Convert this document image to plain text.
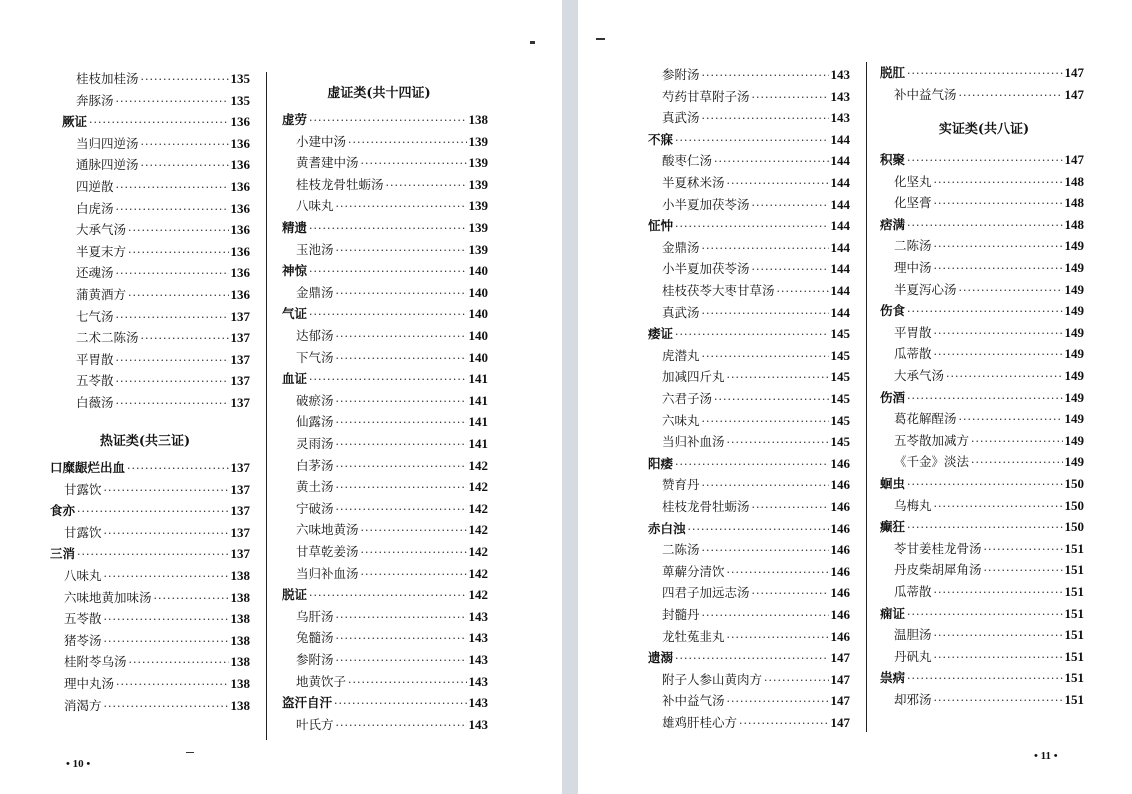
桂枝加桂汤 ·····	135
奔豚汤 ·····	135
厥证 ·····	136
当归四逆汤 ·····	136
通脉四逆汤 ·····	136
四逆散 ·····	136
白虎汤 ·····	136
大承气汤 ·····	136
半夏末方 ·····	136
还魂汤 ·····	136
蒲黄酒方 ·····	136
七气汤 ·····	137
二术二陈汤 ·····	137
平胃散 ·····	137
五苓散 ·····	137
白薇汤 ·····	137
热证类(共三证)
口糜龈烂出血 ·····	137
甘露饮 ·····	137
食亦 ·····	137
甘露饮 ·····	137
三消 ·····	137
八味丸 ·····	138
六味地黄加味汤 ·····	138
五苓散 ·····	138
猪苓汤 ·····	138
桂附苓乌汤 ·····	138
理中丸汤 ·····	138
消渴方 ·····	138
虚证类(共十四证)
虚劳 ·····	138
小建中汤 ·····	139
黄耆建中汤 ·····	139
桂枝龙骨牡蛎汤 ·····	139
八味丸 ·····	139
精遗 ·····	139
玉池汤 ·····	139
神惊 ·····	140
金鼎汤 ·····	140
气证 ·····	140
达郁汤 ·····	140
下气汤 ·····	140
血证 ·····	141
破瘀汤 ·····	141
仙露汤 ·····	141
灵雨汤 ·····	141
白茅汤 ·····	142
黄土汤 ·····	142
宁破汤 ·····	142
六味地黄汤 ·····	142
甘草乾姜汤 ·····	142
当归补血汤 ·····	142
脱证 ·····	142
乌肝汤 ·····	143
兔髓汤 ·····	143
参附汤 ·····	143
地黄饮子 ·····	143
盗汗自汗 ·····	143
叶氏方 ·····	143
• 10 •
参附汤 ·····	143
芍药甘草附子汤 ·····	143
真武汤 ·····	143
不寐 ·····	144
酸枣仁汤 ·····	144
半夏秫米汤 ·····	144
小半夏加茯苓汤 ·····	144
怔忡 ·····	144
金鼎汤 ·····	144
小半夏加茯苓汤 ·····	144
桂枝茯苓大枣甘草汤 ·····	144
真武汤 ·····	144
痿证 ·····	145
虎潜丸 ·····	145
加减四斤丸 ·····	145
六君子汤 ·····	145
六味丸 ·····	145
当归补血汤 ·····	145
阳痿 ·····	146
赞育丹 ·····	146
桂枝龙骨牡蛎汤 ·····	146
赤白浊 ·····	146
二陈汤 ·····	146
萆薢分清饮 ·····	146
四君子加远志汤 ·····	146
封髓丹 ·····	146
龙牡菟韭丸 ·····	146
遗溺 ·····	147
附子人参山黄肉方 ·····	147
补中益气汤 ·····	147
雄鸡肝桂心方 ·····	147
脱肛 ·····	147
补中益气汤 ·····	147
实证类(共八证)
积聚 ·····	147
化坚丸 ·····	148
化坚膏 ·····	148
痞满 ·····	148
二陈汤 ·····	149
理中汤 ·····	149
半夏泻心汤 ·····	149
伤食 ·····	149
平胃散 ·····	149
瓜蒂散 ·····	149
大承气汤 ·····	149
伤酒 ·····	149
葛花解酲汤 ·····	149
五苓散加减方 ·····	149
《千金》淡法 ·····	149
蛔虫 ·····	150
乌梅丸 ·····	150
癫狂 ·····	150
苓甘姜桂龙骨汤 ·····	151
丹皮柴胡犀角汤 ·····	151
瓜蒂散 ·····	151
痫证 ·····	151
温胆汤 ·····	151
丹矾丸 ·····	151
祟病 ·····	151
却邪汤 ·····	151
• 11 •
